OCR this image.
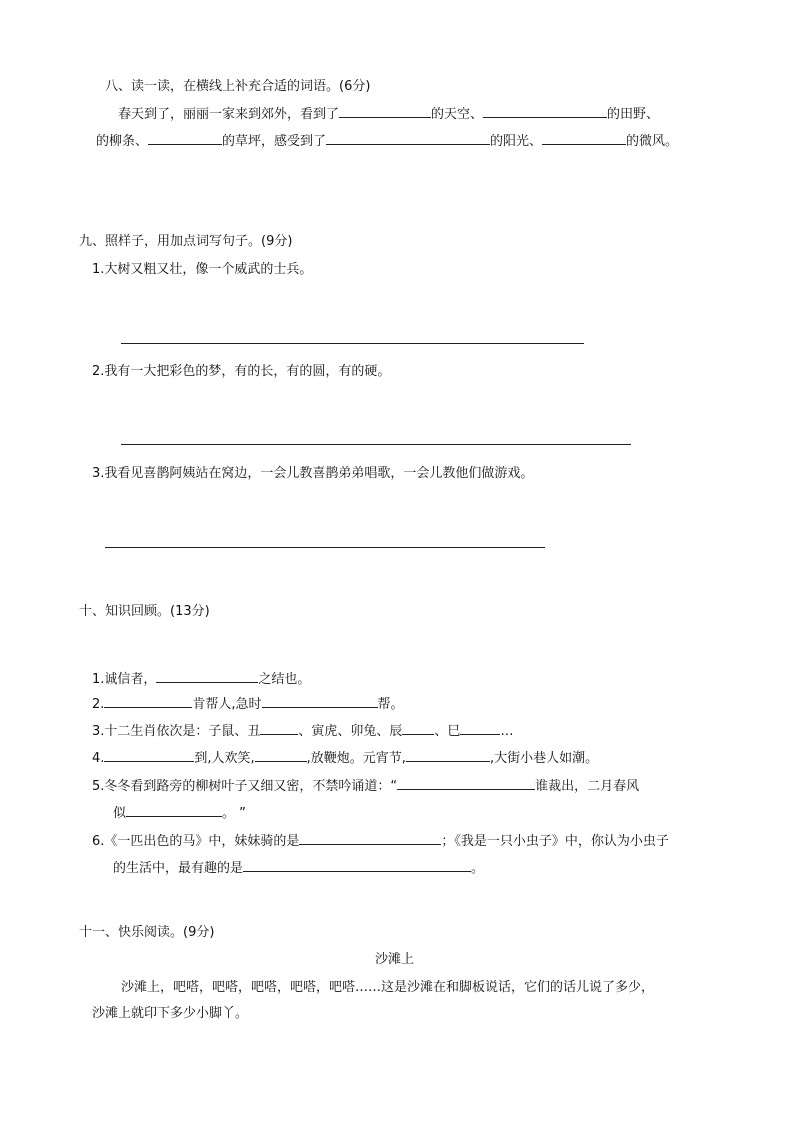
八、读一读，在横线上补充合适的词语。(6分)
春天到了，丽丽一家来到郊外，看到了	的天空、	的田野、
的柳条、	的草坪，感受到了	的阳光、	的微风。
九、照样子，用加点词写句子。(9分)
1.大树又粗又壮，像一个威武的士兵。
2.我有一大把彩色的梦，有的长，有的圆，有的硬。
3.我看见喜鹊阿姨站在窝边，一会儿教喜鹊弟弟唱歌，一会儿教他们做游戏。
十、知识回顾。(13分)
1.诚信者，	之结也。
2.	肯帮人,急时	帮。
3.十二生肖依次是：子鼠、丑	、寅虎、卯兔、辰 、巳	…
4.	到,人欢笑,	,放鞭炮。元宵节,	,大街小巷人如潮。
5.冬冬看到路旁的柳树叶子又细又密，不禁吟诵道：“	谁裁出，二月春风
似	。 ”
6.《一匹出色的马》中，妹妹骑的是	；《我是一只小虫子》中，你认为小虫子
的生活中，最有趣的是	。
十一、快乐阅读。(9分)
沙滩上
沙滩上，吧嗒，吧嗒，吧嗒，吧嗒，吧嗒……这是沙滩在和脚板说话，它们的话儿说了多少，
沙滩上就印下多少小脚丫。
